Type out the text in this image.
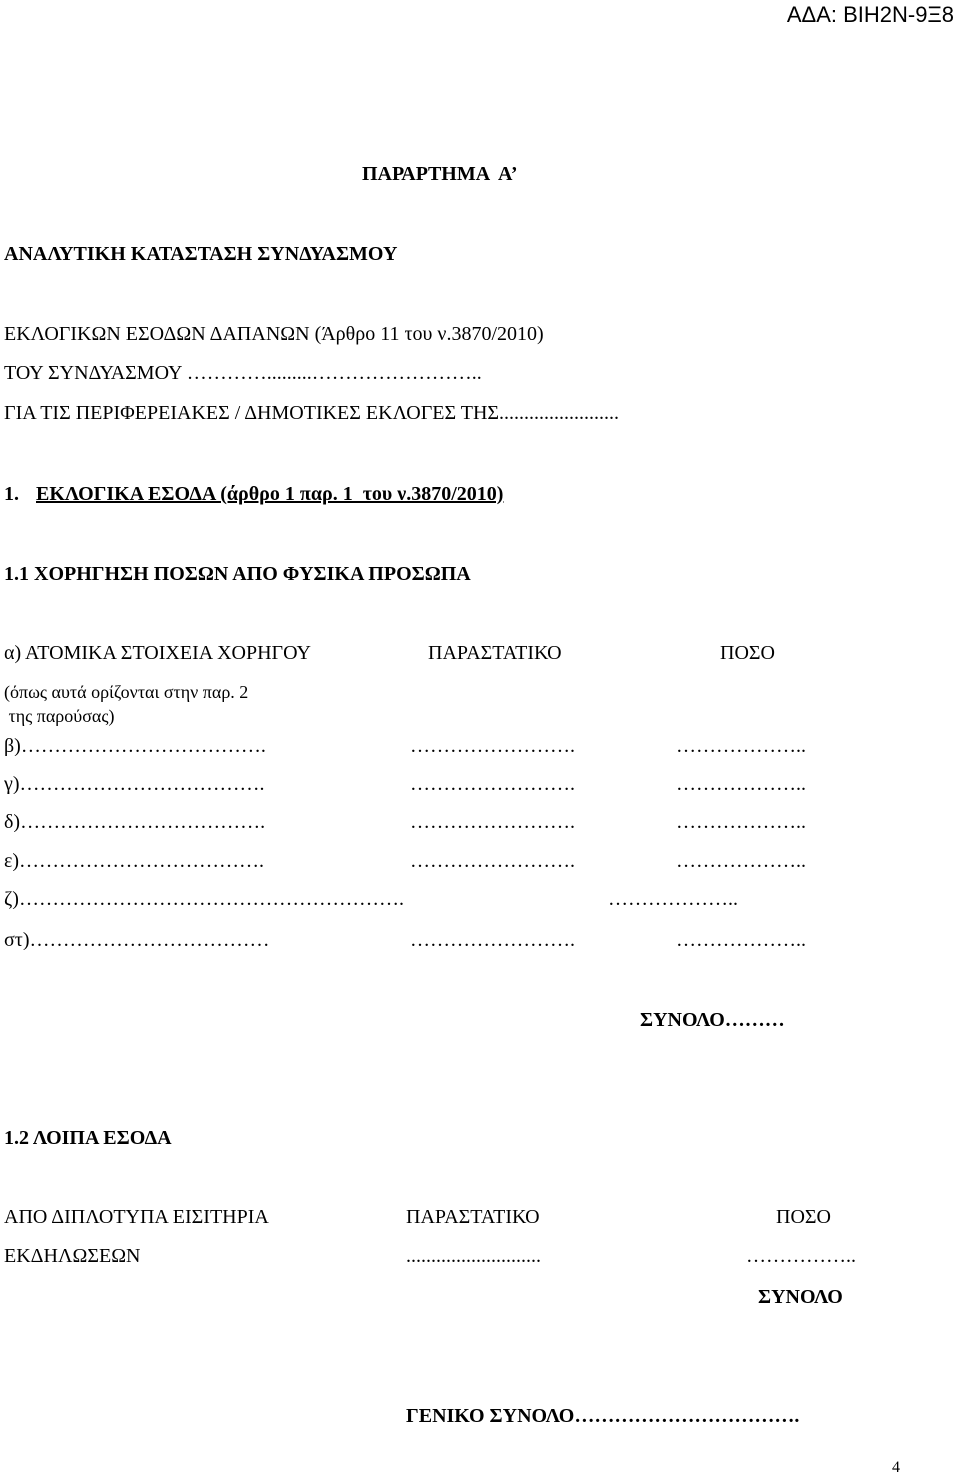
ΑΔΑ: ΒΙΗ2Ν-9Ξ8
ΠΑΡΑΡΤΗΜΑ  Α’
ΑΝΑΛΥΤΙΚΗ ΚΑΤΑΣΤΑΣΗ ΣΥΝΔΥΑΣΜΟΥ
ΕΚΛΟΓΙΚΩΝ ΕΣΟΔΩΝ ΔΑΠΑΝΩΝ (Άρθρο 11 του ν.3870/2010)
ΤΟΥ ΣΥΝΔΥΑΣΜΟΥ ………….........……………………..
ΓΙΑ ΤΙΣ ΠΕΡΙΦΕΡΕΙΑΚΕΣ / ΔΗΜΟΤΙΚΕΣ ΕΚΛΟΓΕΣ ΤΗΣ........................
1. ΕΚΛΟΓΙΚΑ ΕΣΟΔΑ (άρθρο 1 παρ. 1  του ν.3870/2010)
1.1 ΧΟΡΗΓΗΣΗ ΠΟΣΩΝ ΑΠΟ ΦΥΣΙΚΑ ΠΡΟΣΩΠΑ
α) ΑΤΟΜΙΚΑ ΣΤΟΙΧΕΙΑ ΧΟΡΗΓΟΥ	ΠΑΡΑΣΤΑΤΙΚΟ	ΠΟΣΟ
(όπως αυτά ορίζονται στην παρ. 2
της παρούσας)
β)……………………………….	…………………….	………………..
γ)……………………………….	…………………….	………………..
δ)……………………………….	…………………….	………………..
ε)……………………………….	…………………….	………………..
ζ)………………………………………………….	………………..
στ)………………………………	…………………….	………………..
ΣΥΝΟΛΟ………
1.2 ΛΟΙΠΑ ΕΣΟΔΑ
ΑΠΟ ΔΙΠΛΟΤΥΠΑ ΕΙΣΙΤΗΡΙΑ	ΠΑΡΑΣΤΑΤΙΚΟ	ΠΟΣΟ
ΕΚΔΗΛΩΣΕΩΝ	...........................	……………..
ΣΥΝΟΛΟ
ΓΕΝΙΚΟ ΣΥΝΟΛΟ…………………………….
4
